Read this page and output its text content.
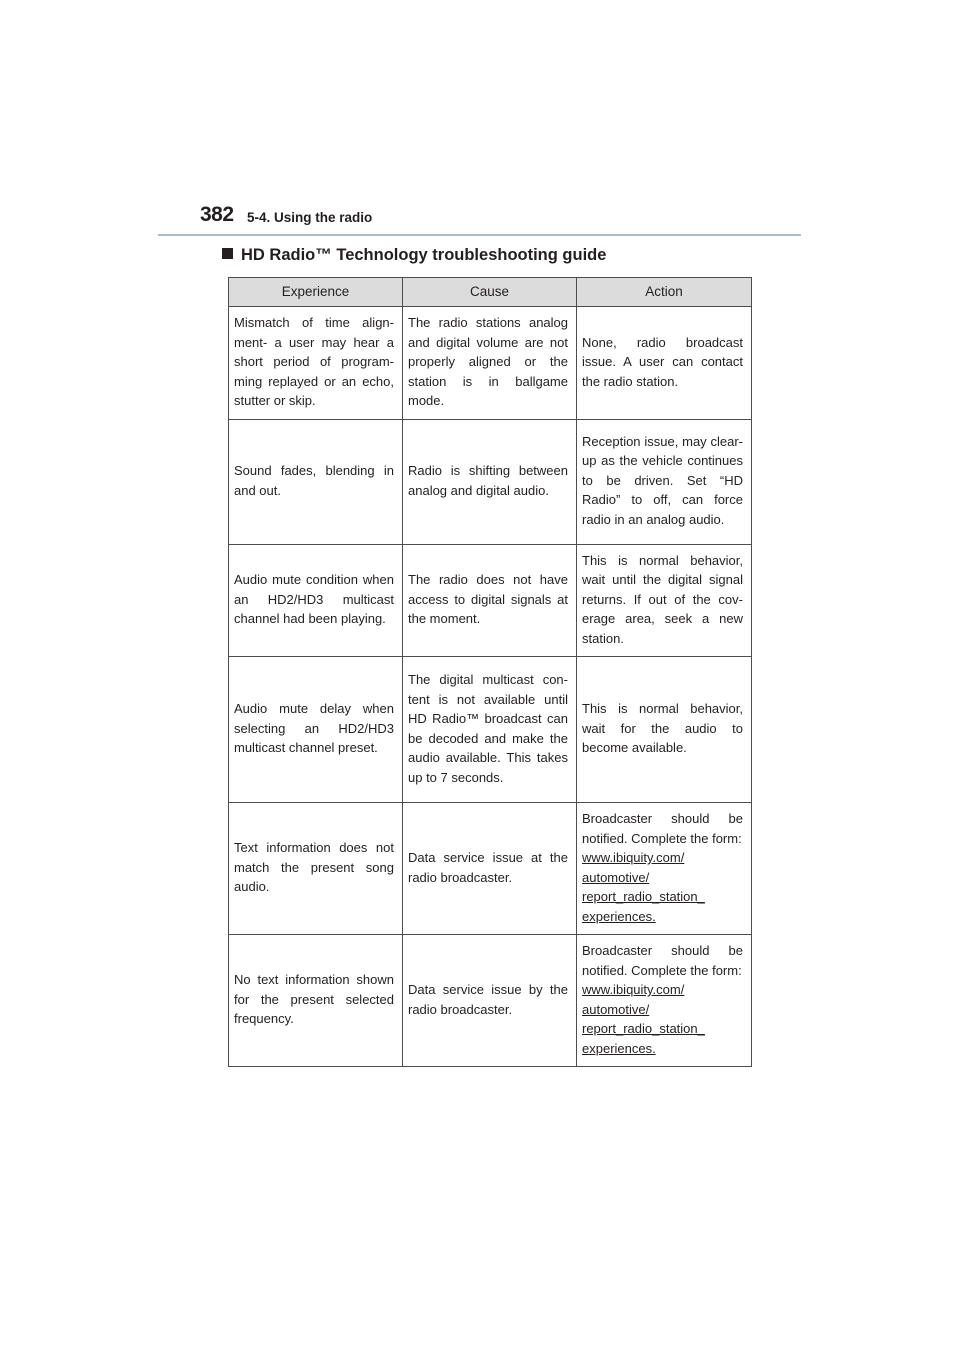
382 5-4. Using the radio
HD Radio™ Technology troubleshooting guide
Experience	Cause	Action
Mismatch of time alignment- a user may hear a short period of programming replayed or an echo, stutter or skip.	The radio stations analog and digital volume are not properly aligned or the station is in ballgame mode.	None, radio broadcast issue. A user can contact the radio station.
Sound fades, blending in and out.	Radio is shifting between analog and digital audio.	Reception issue, may clear-up as the vehicle continues to be driven. Set “HD Radio” to off, can force radio in an analog audio.
Audio mute condition when an HD2/HD3 multicast channel had been playing.	The radio does not have access to digital signals at the moment.	This is normal behavior, wait until the digital signal returns. If out of the coverage area, seek a new station.
Audio mute delay when selecting an HD2/HD3 multicast channel preset.	The digital multicast content is not available until HD Radio™ broadcast can be decoded and make the audio available. This takes up to 7 seconds.	This is normal behavior, wait for the audio to become available.
Text information does not match the present song audio.	Data service issue at the radio broadcaster.	Broadcaster should be notified. Complete the form:
www.ibiquity.com/
automotive/
report_radio_station_
experiences.

No text information shown for the present selected frequency.	Data service issue by the radio broadcaster.	Broadcaster should be notified. Complete the form:
www.ibiquity.com/
automotive/
report_radio_station_
experiences.
